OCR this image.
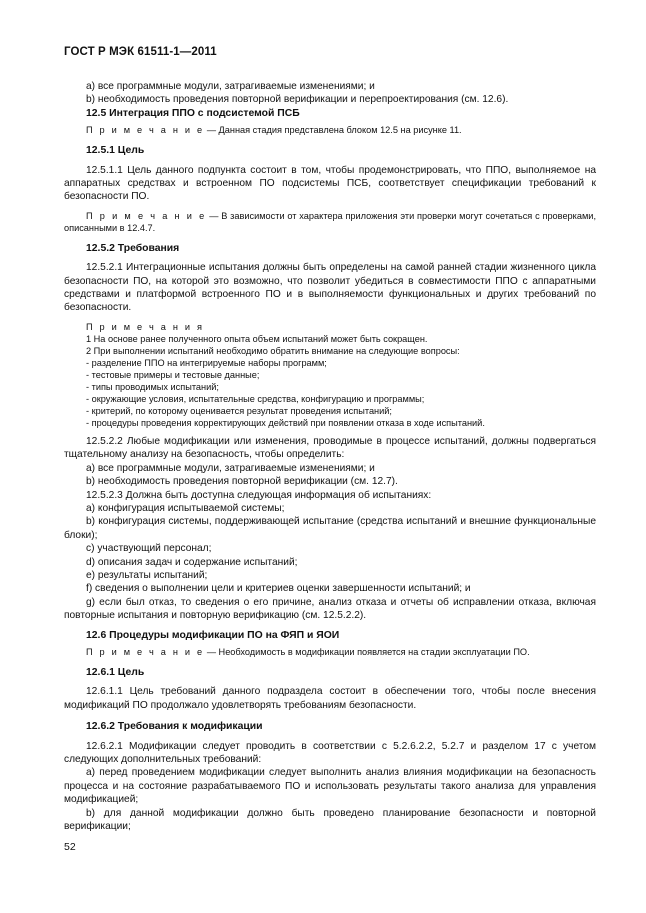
ГОСТ Р МЭК 61511-1—2011

а) все программные модули, затрагиваемые изменениями; и

b) необходимость проведения повторной верификации и перепроектирования (см. 12.6).

12.5 Интеграция ППО с подсистемой ПСБ

П р и м е ч а н и е — Данная стадия представлена блоком 12.5 на рисунке 11.

12.5.1 Цель

12.5.1.1 Цель данного подпункта состоит в том, чтобы продемонстрировать, что ППО, выполняемое на аппаратных средствах и встроенном ПО подсистемы ПСБ, соответствует спецификации требований к безопасности ПО.

П р и м е ч а н и е — В зависимости от характера приложения эти проверки могут сочетаться с проверками, описанными в 12.4.7.

12.5.2 Требования

12.5.2.1 Интеграционные испытания должны быть определены на самой ранней стадии жизненного цикла безопасности ПО, на которой это возможно, что позволит убедиться в совместимости ППО с аппаратными средствами и платформой встроенного ПО и в выполняемости функциональных и других требований по безопасности.

П р и м е ч а н и я

1 На основе ранее полученного опыта объем испытаний может быть сокращен.

2 При выполнении испытаний необходимо обратить внимание на следующие вопросы:

- разделение ППО на интегрируемые наборы программ;

- тестовые примеры и тестовые данные;

- типы проводимых испытаний;

- окружающие условия, испытательные средства, конфигурацию и программы;

- критерий, по которому оценивается результат проведения испытаний;

- процедуры проведения корректирующих действий при появлении отказа в ходе испытаний.

12.5.2.2 Любые модификации или изменения, проводимые в процессе испытаний, должны подвергаться тщательному анализу на безопасность, чтобы определить:

а) все программные модули, затрагиваемые изменениями; и

b) необходимость проведения повторной верификации (см. 12.7).

12.5.2.3 Должна быть доступна следующая информация об испытаниях:

а) конфигурация испытываемой системы;

b) конфигурация системы, поддерживающей испытание (средства испытаний и внешние функциональные блоки);

с) участвующий персонал;

d) описания задач и содержание испытаний;

е) результаты испытаний;

f) сведения о выполнении цели и критериев оценки завершенности испытаний; и

g) если был отказ, то сведения о его причине, анализ отказа и отчеты об исправлении отказа, включая повторные испытания и повторную верификацию (см. 12.5.2.2).

12.6 Процедуры модификации ПО на ФЯП и ЯОИ

П р и м е ч а н и е — Необходимость в модификации появляется на стадии эксплуатации ПО.

12.6.1 Цель

12.6.1.1 Цель требований данного подраздела состоит в обеспечении того, чтобы после внесения модификаций ПО продолжало удовлетворять требованиям безопасности.

12.6.2 Требования к модификации

12.6.2.1 Модификации следует проводить в соответствии с 5.2.6.2.2, 5.2.7 и разделом 17 с учетом следующих дополнительных требований:

а) перед проведением модификации следует выполнить анализ влияния модификации на безопасность процесса и на состояние разрабатываемого ПО и использовать результаты такого анализа для управления модификацией;

b) для данной модификации должно быть проведено планирование безопасности и повторной верификации;

52
